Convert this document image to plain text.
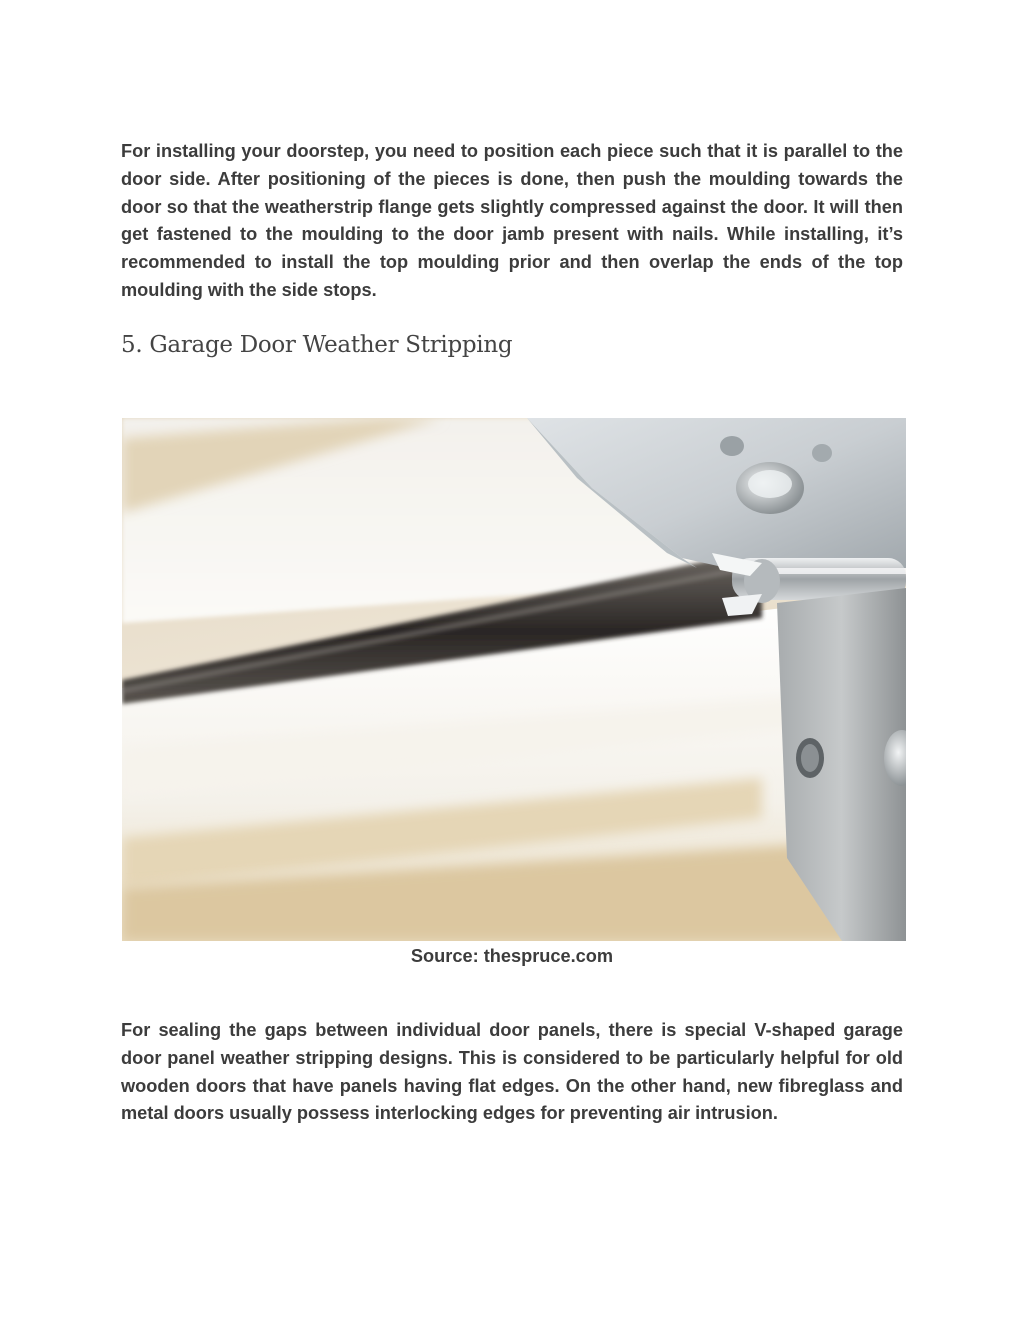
For installing your doorstep, you need to position each piece such that it is parallel to the door side. After positioning of the pieces is done, then push the moulding towards the door so that the weatherstrip flange gets slightly compressed against the door. It will then get fastened to the moulding to the door jamb present with nails. While installing, it’s recommended to install the top moulding prior and then overlap the ends of the top moulding with the side stops.

5. Garage Door Weather Stripping

Source: thespruce.com

For sealing the gaps between individual door panels, there is special V-shaped garage door panel weather stripping designs. This is considered to be particularly helpful for old wooden doors that have panels having flat edges. On the other hand, new fibreglass and metal doors usually possess interlocking edges for preventing air intrusion.
